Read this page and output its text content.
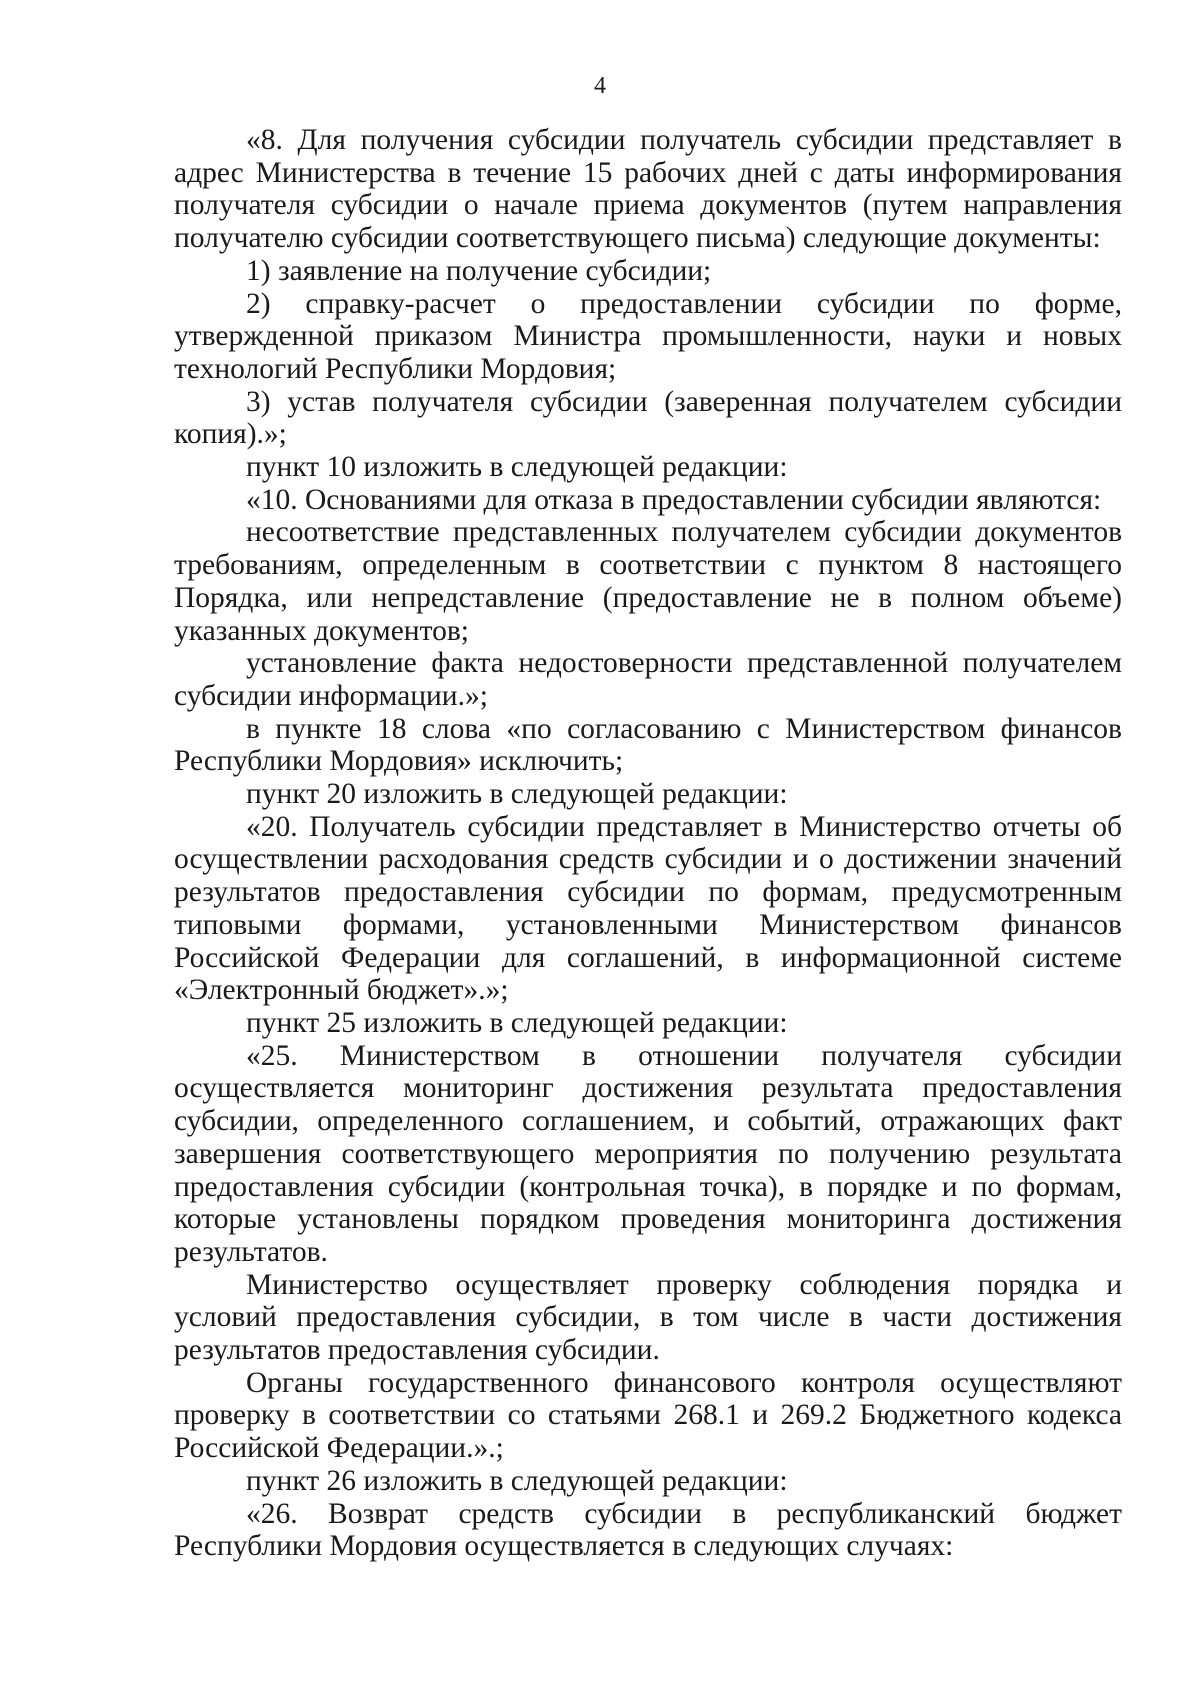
4

«8. Для получения субсидии получатель субсидии представляет в адрес Министерства в течение 15 рабочих дней с даты информирования получателя субсидии о начале приема документов (путем направления получателю субсидии соответствующего письма) следующие документы:

1) заявление на получение субсидии;

2) справку-расчет о предоставлении субсидии по форме, утвержденной приказом Министра промышленности, науки и новых технологий Республики Мордовия;

3) устав получателя субсидии (заверенная получателем субсидии копия).»;

пункт 10 изложить в следующей редакции:

«10. Основаниями для отказа в предоставлении субсидии являются:

несоответствие представленных получателем субсидии документов требованиям, определенным в соответствии с пунктом 8 настоящего Порядка, или непредставление (предоставление не в полном объеме) указанных документов;

установление факта недостоверности представленной получателем субсидии информации.»;

в пункте 18 слова «по согласованию с Министерством финансов Республики Мордовия» исключить;

пункт 20 изложить в следующей редакции:

«20. Получатель субсидии представляет в Министерство отчеты об осуществлении расходования средств субсидии и о достижении значений результатов предоставления субсидии по формам, предусмотренным типовыми формами, установленными Министерством финансов Российской Федерации для соглашений, в информационной системе «Электронный бюджет».»;

пункт 25 изложить в следующей редакции:

«25. Министерством в отношении получателя субсидии осуществляется мониторинг достижения результата предоставления субсидии, определенного соглашением, и событий, отражающих факт завершения соответствующего мероприятия по получению результата предоставления субсидии (контрольная точка), в порядке и по формам, которые установлены порядком проведения мониторинга достижения результатов.

Министерство осуществляет проверку соблюдения порядка и условий предоставления субсидии, в том числе в части достижения результатов предоставления субсидии.

Органы государственного финансового контроля осуществляют проверку в соответствии со статьями 268.1 и 269.2 Бюджетного кодекса Российской Федерации.».;

пункт 26 изложить в следующей редакции:

«26. Возврат средств субсидии в республиканский бюджет Республики Мордовия осуществляется в следующих случаях:
